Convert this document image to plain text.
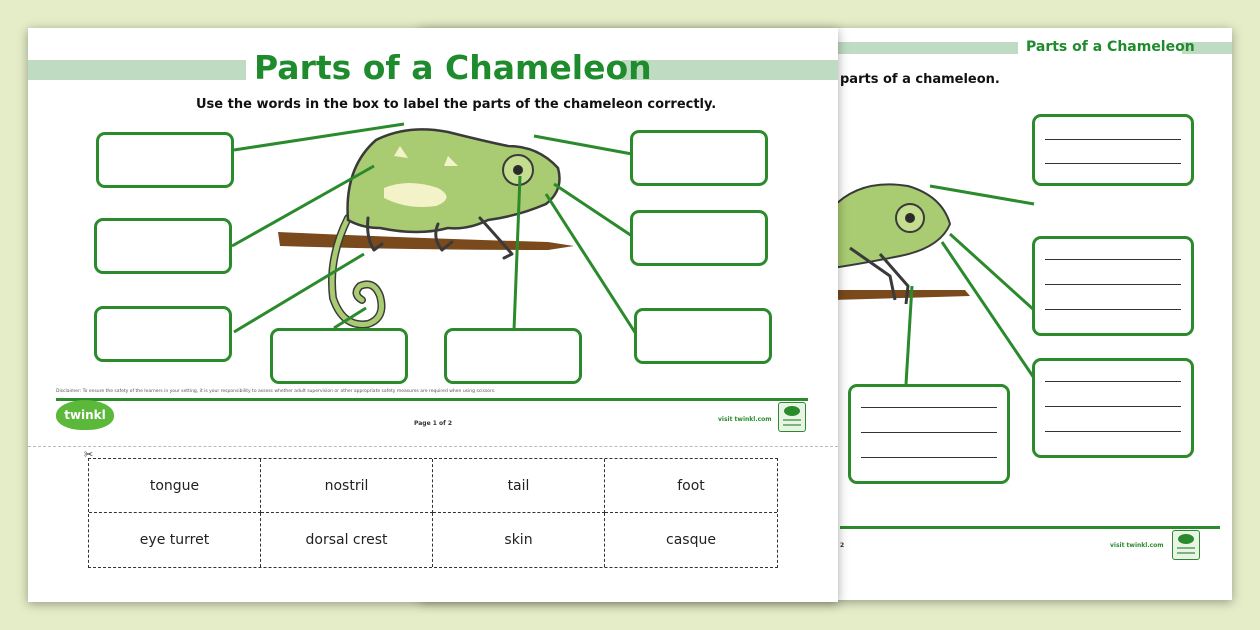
Parts of a Chameleon
parts of a chameleon.
2	visit twinkl.com
Parts of a Chameleon
Use the words in the box to label the parts of the chameleon correctly.
Disclaimer: To ensure the safety of the learners in your setting, it is your responsibility to assess whether adult supervision or other appropriate safety measures are required when using scissors.
twinkl
Page 1 of 2
visit twinkl.com
✂
tongue	nostril	tail	foot
eye turret	dorsal crest	skin	casque
